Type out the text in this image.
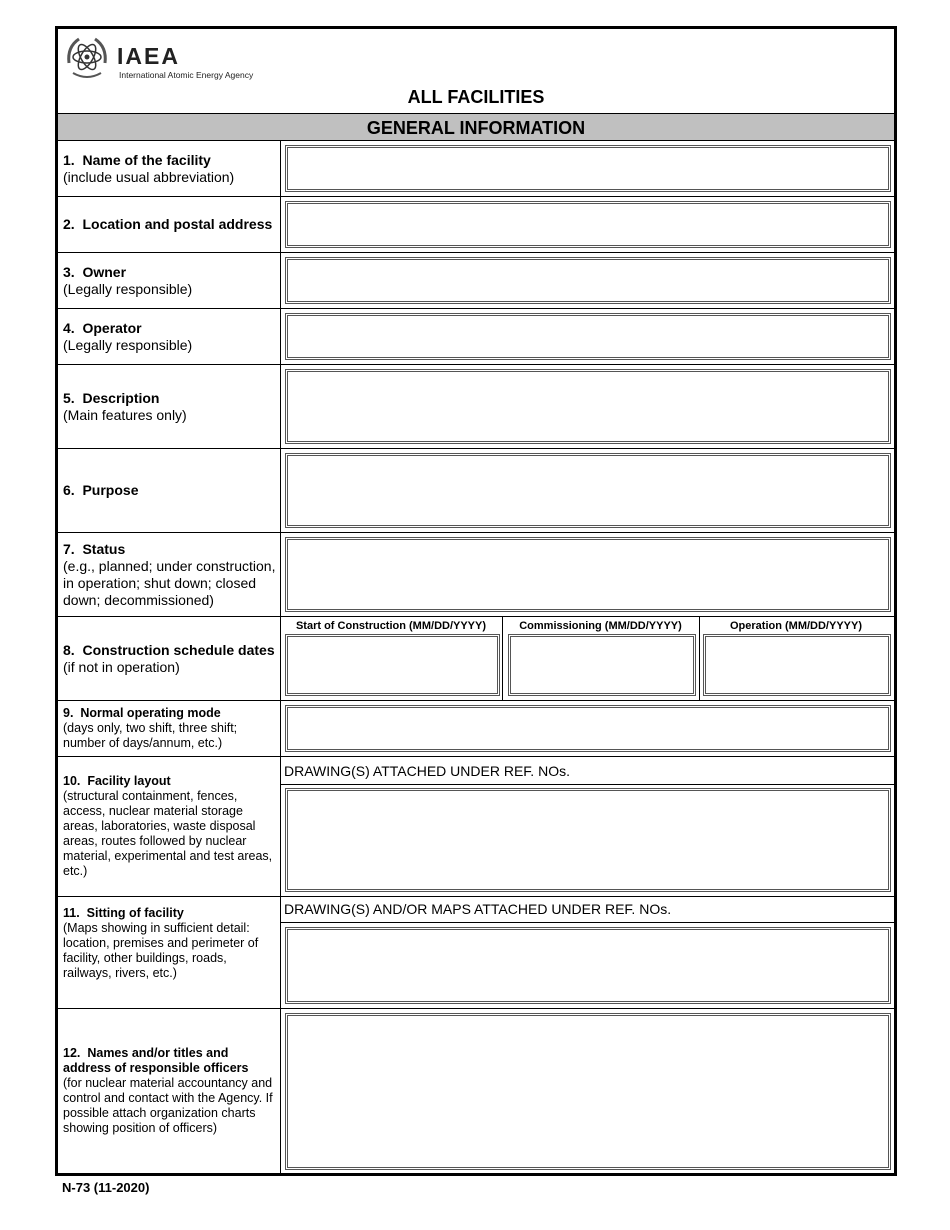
IAEA
International Atomic Energy Agency
ALL FACILITIES
GENERAL INFORMATION
1. Name of the facility
(include usual abbreviation)
2. Location and postal address
3. Owner
(Legally responsible)
4. Operator
(Legally responsible)
5. Description
(Main features only)
6. Purpose
7. Status
(e.g., planned; under construction, in operation; shut down; closed down; decommissioned)
8. Construction schedule dates
(if not in operation)
Start of Construction (MM/DD/YYYY)	Commissioning (MM/DD/YYYY)	Operation (MM/DD/YYYY)
9. Normal operating mode
(days only, two shift, three shift; number of days/annum, etc.)
10. Facility layout
(structural containment, fences, access, nuclear material storage areas, laboratories, waste disposal areas, routes followed by nuclear material, experimental and test areas, etc.)
DRAWING(S) ATTACHED UNDER REF. NOs.
11. Sitting of facility
(Maps showing in sufficient detail: location, premises and perimeter of facility, other buildings, roads, railways, rivers, etc.)
DRAWING(S) AND/OR MAPS ATTACHED UNDER REF. NOs.
12. Names and/or titles and address of responsible officers
(for nuclear material accountancy and control and contact with the Agency. If possible attach organization charts showing position of officers)
N-73 (11-2020)
